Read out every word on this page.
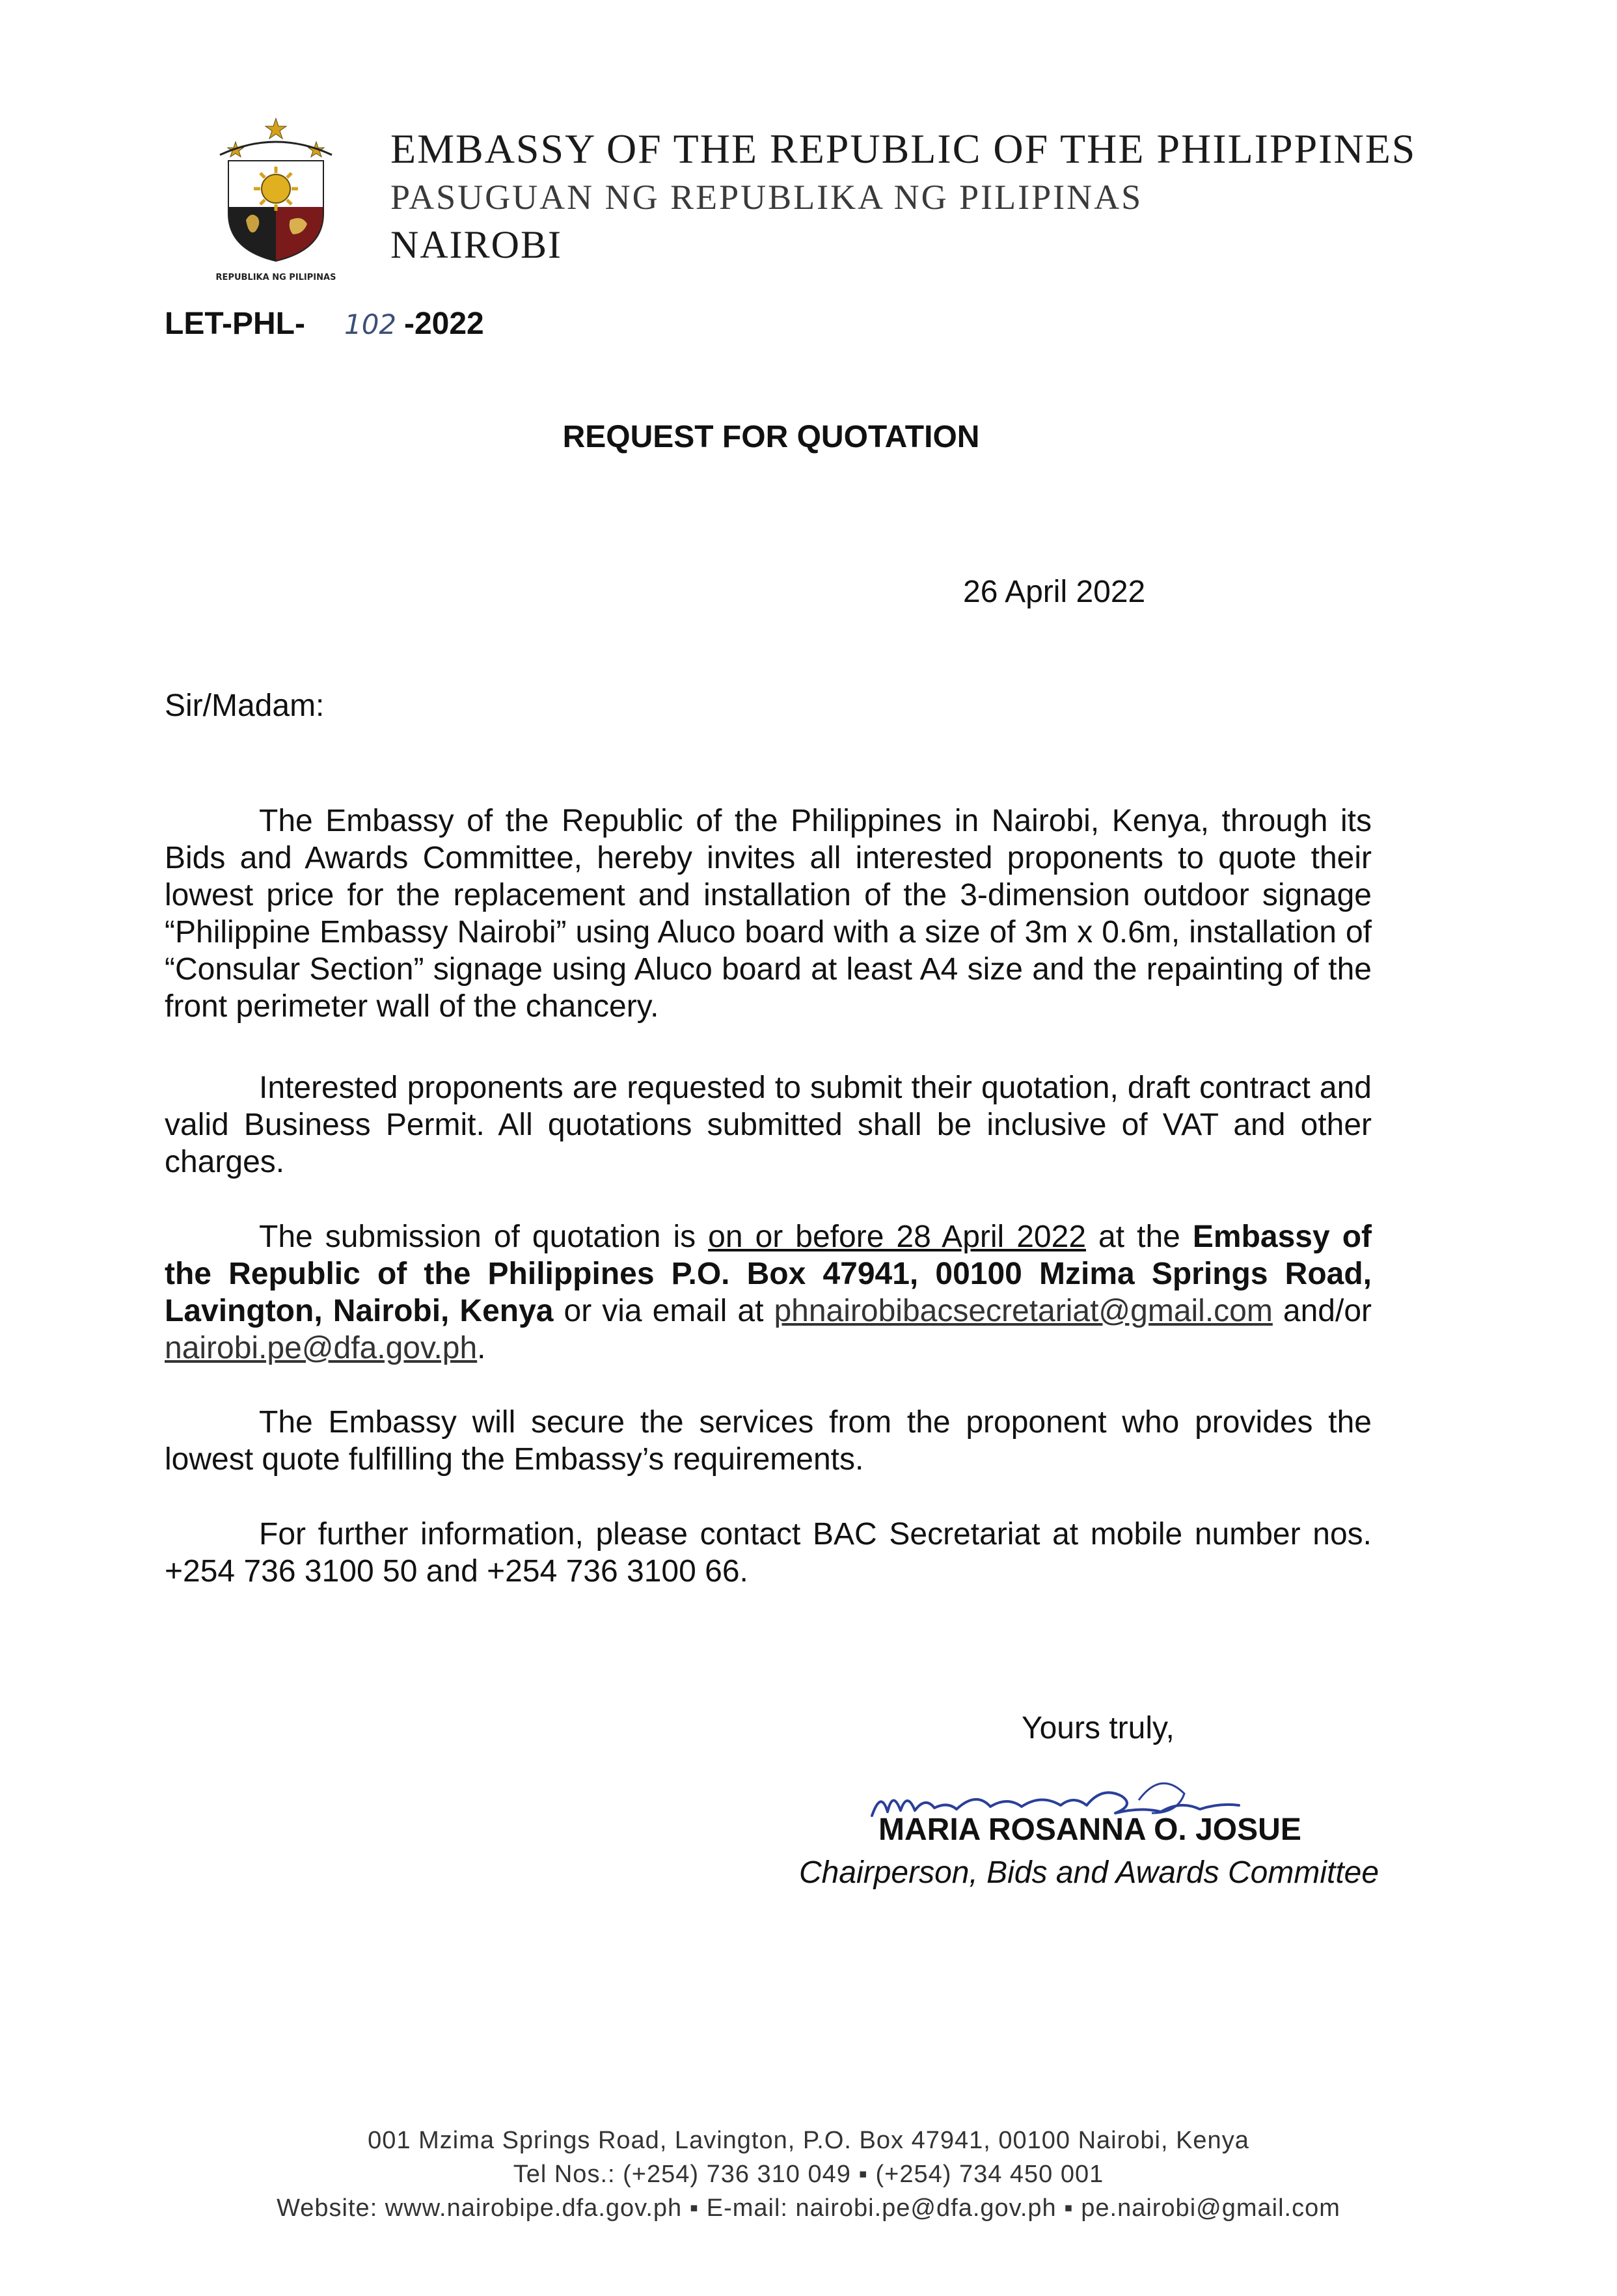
REPUBLIKA NG PILIPINAS
EMBASSY OF THE REPUBLIC OF THE PHILIPPINES
PASUGUAN NG REPUBLIKA NG PILIPINAS
NAIROBI
LET-PHL- 102 -2022
REQUEST FOR QUOTATION
26 April 2022
Sir/Madam:
The Embassy of the Republic of the Philippines in Nairobi, Kenya, through its Bids and Awards Committee, hereby invites all interested proponents to quote their lowest price for the replacement and installation of the 3-dimension outdoor signage “Philippine Embassy Nairobi” using Aluco board with a size of 3m x 0.6m, installation of “Consular Section” signage using Aluco board at least A4 size and the repainting of the front perimeter wall of the chancery.
Interested proponents are requested to submit their quotation, draft contract and valid Business Permit. All quotations submitted shall be inclusive of VAT and other charges.
The submission of quotation is on or before 28 April 2022 at the Embassy of the Republic of the Philippines P.O. Box 47941, 00100 Mzima Springs Road, Lavington, Nairobi, Kenya or via email at phnairobibacsecretariat@gmail.com and/or nairobi.pe@dfa.gov.ph.
The Embassy will secure the services from the proponent who provides the lowest quote fulfilling the Embassy’s requirements.
For further information, please contact BAC Secretariat at mobile number nos. +254 736 3100 50 and +254 736 3100 66.
Yours truly,
MARIA ROSANNA O. JOSUE
Chairperson, Bids and Awards Committee
001 Mzima Springs Road, Lavington, P.O. Box 47941, 00100 Nairobi, Kenya
Tel Nos.: (+254) 736 310 049 ▪ (+254) 734 450 001
Website: www.nairobipe.dfa.gov.ph ▪ E-mail: nairobi.pe@dfa.gov.ph ▪ pe.nairobi@gmail.com
